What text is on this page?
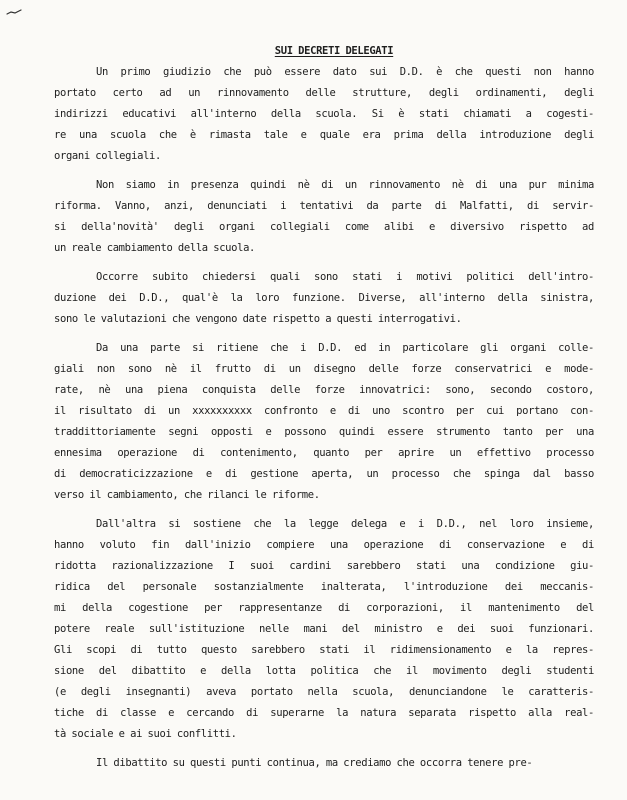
SUI DECRETI DELEGATI
Un primo giudizio che può essere dato sui D.D. è che questi non hanno
portato certo ad un rinnovamento delle strutture, degli ordinamenti, degli
indirizzi educativi all'interno della scuola. Si è stati chiamati a cogesti-
re una scuola che è rimasta tale e quale era prima della introduzione degli
organi collegiali.
Non siamo in presenza quindi nè di un rinnovamento nè di una pur minima
riforma. Vanno, anzi, denunciati i tentativi da parte di Malfatti, di servir-
si della'novità' degli organi collegiali come alibi e diversivo rispetto ad
un reale cambiamento della scuola.
Occorre subito chiedersi quali sono stati i motivi politici dell'intro-
duzione dei D.D., qual'è la loro funzione. Diverse, all'interno della sinistra,
sono le valutazioni che vengono date rispetto a questi interrogativi.
Da una parte si ritiene che i D.D. ed in particolare gli organi colle-
giali non sono nè il frutto di un disegno delle forze conservatrici e mode-
rate, nè una piena conquista delle forze innovatrici: sono, secondo costoro,
il risultato di un xxxxxxxxxx confronto e di uno scontro per cui portano con-
traddittoriamente segni opposti e possono quindi essere strumento tanto per una
ennesima operazione di contenimento, quanto per aprire un effettivo processo
di democraticizzazione e di gestione aperta, un processo che spinga dal basso
verso il cambiamento, che rilanci le riforme.
Dall'altra si sostiene che la legge delega e i D.D., nel loro insieme,
hanno voluto fin dall'inizio compiere una operazione di conservazione e di
ridotta razionalizzazione I suoi cardini sarebbero stati una condizione giu-
ridica del personale sostanzialmente inalterata, l'introduzione dei meccanis-
mi della cogestione per rappresentanze di corporazioni, il mantenimento del
potere reale sull'istituzione nelle mani del ministro e dei suoi funzionari.
Gli scopi di tutto questo sarebbero stati il ridimensionamento e la repres-
sione del dibattito e della lotta politica che il movimento degli studenti
(e degli insegnanti) aveva portato nella scuola, denunciandone le caratteris-
tiche di classe e cercando di superarne la natura separata rispetto alla real-
tà sociale e ai suoi conflitti.
Il dibattito su questi punti continua, ma crediamo che occorra tenere pre-
